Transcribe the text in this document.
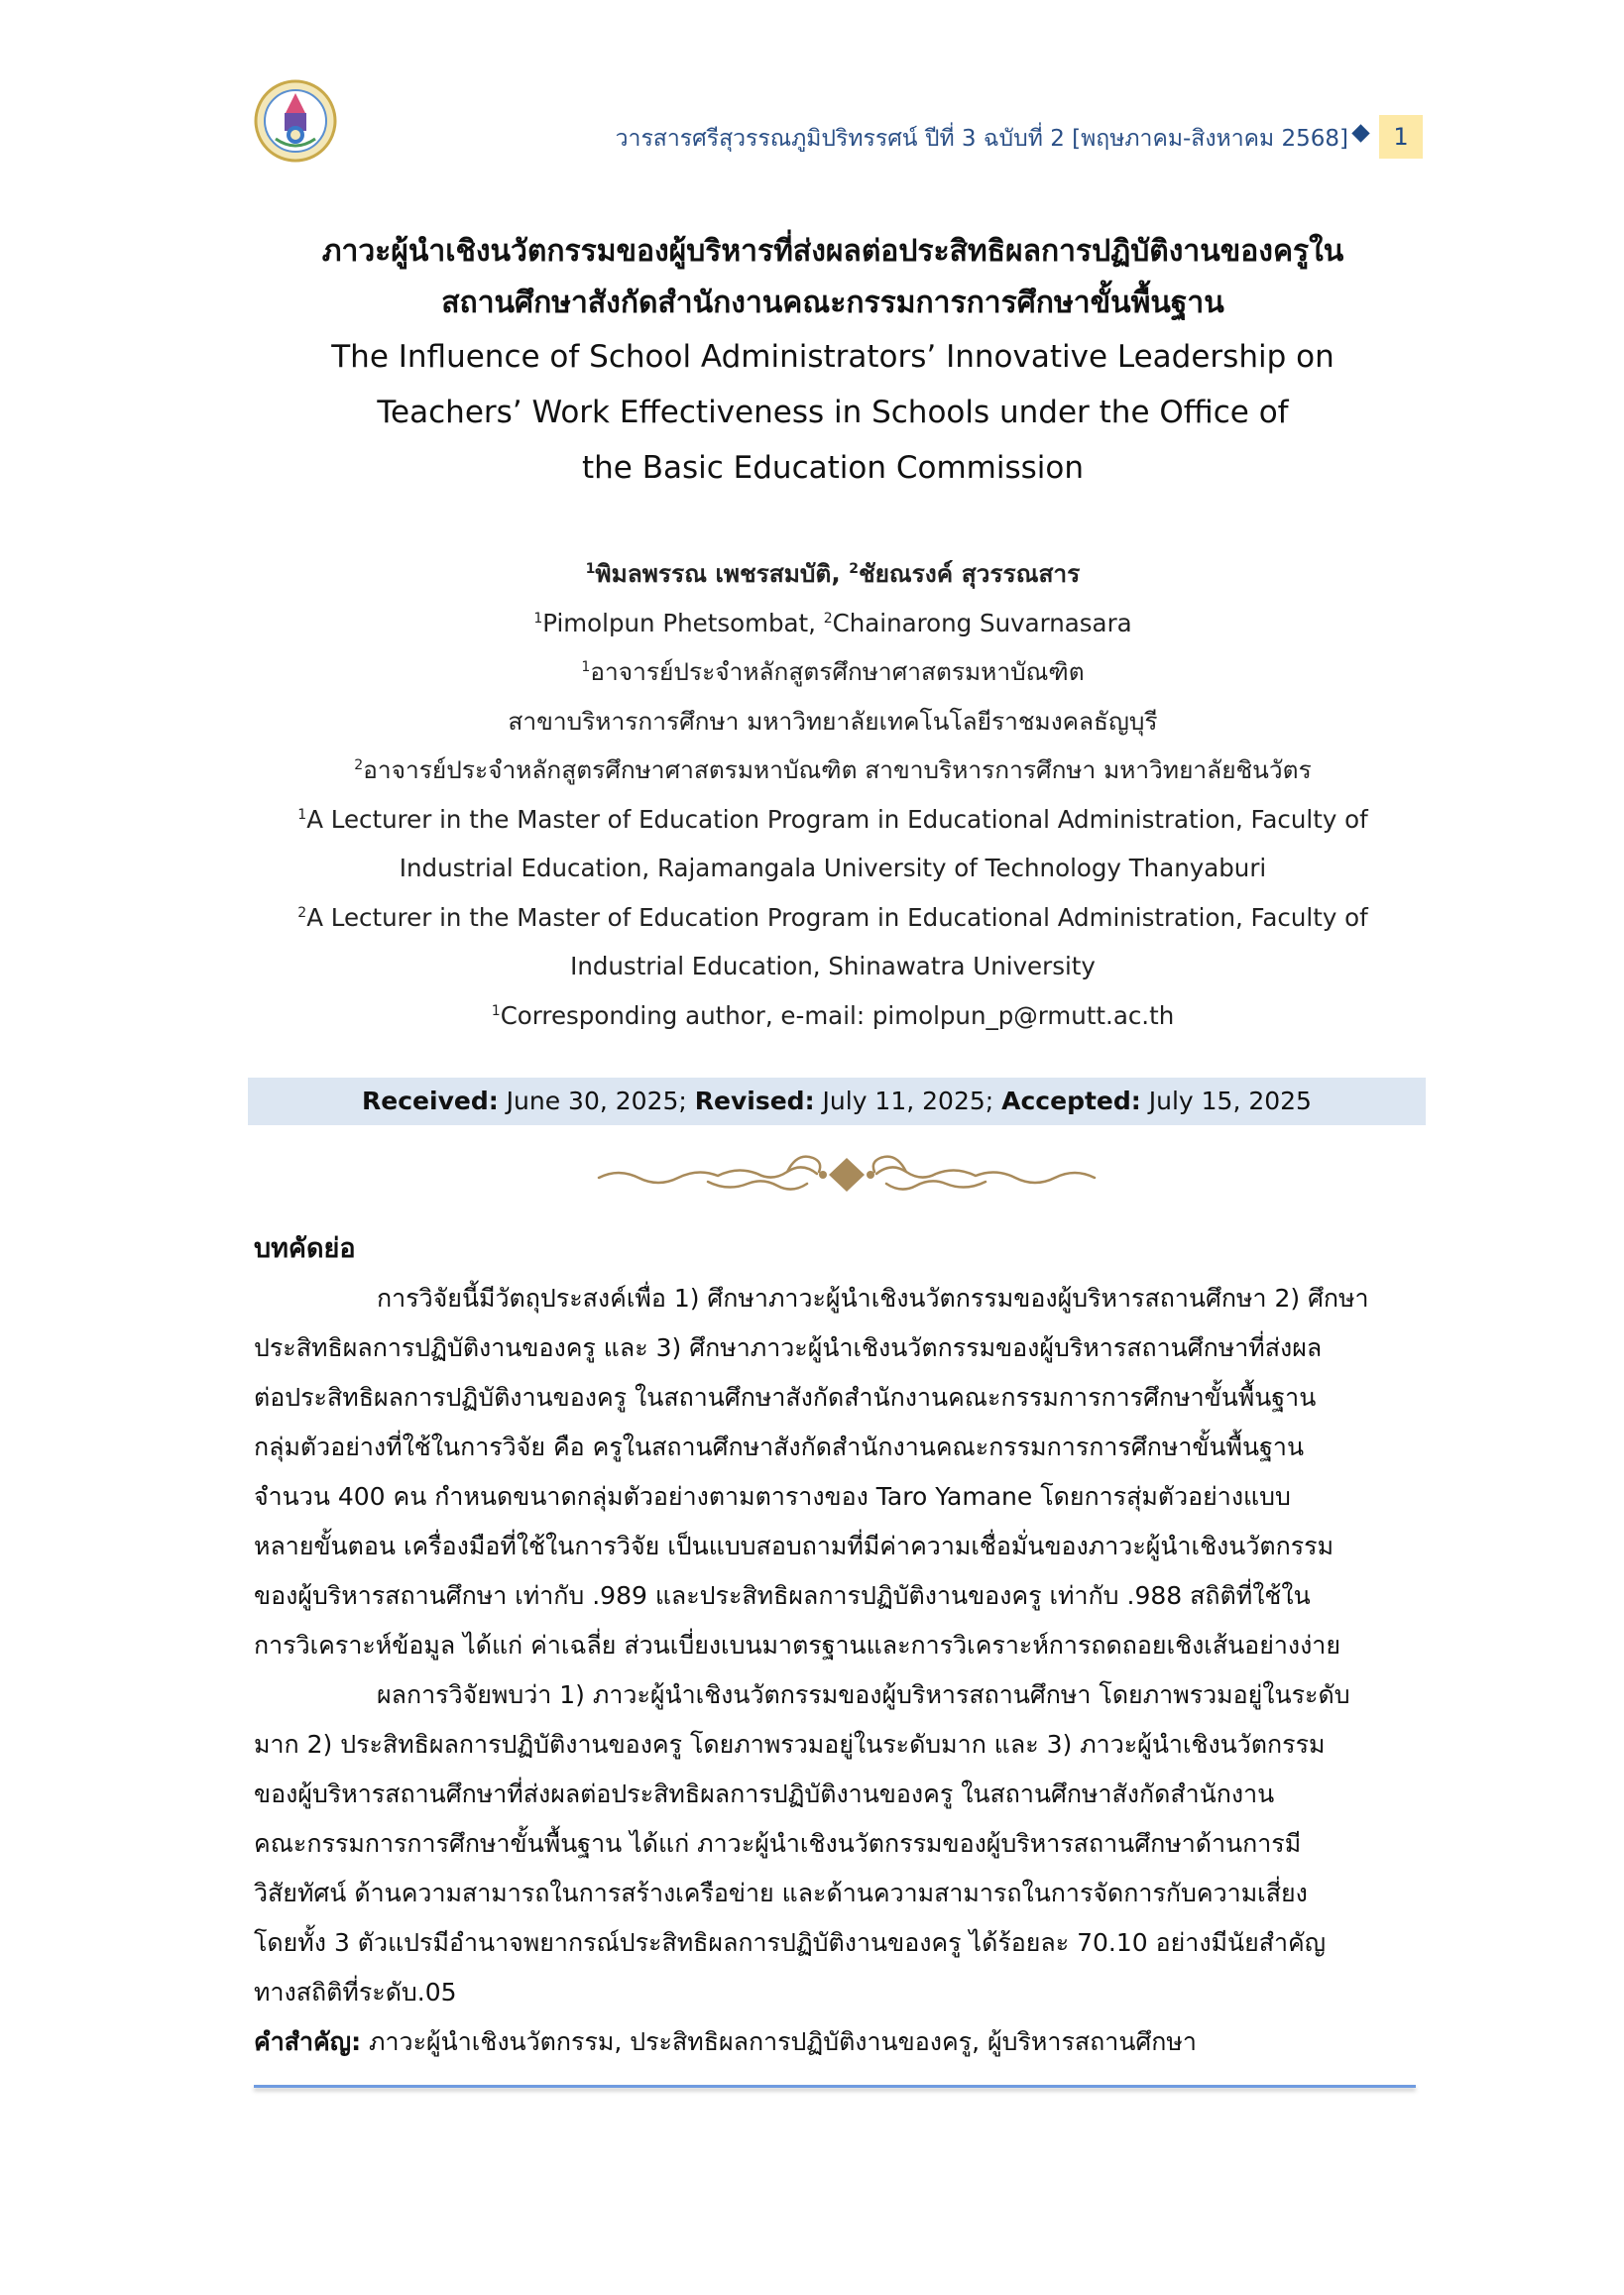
วารสารศรีสุวรรณภูมิปริทรรศน์ ปีที่ 3 ฉบับที่ 2 [พฤษภาคม-สิงหาคม 2568]	1

ภาวะผู้นำเชิงนวัตกรรมของผู้บริหารที่ส่งผลต่อประสิทธิผลการปฏิบัติงานของครูใน

สถานศึกษาสังกัดสำนักงานคณะกรรมการการศึกษาขั้นพื้นฐาน

The Influence of School Administrators’ Innovative Leadership on

Teachers’ Work Effectiveness in Schools under the Office of

the Basic Education Commission

$^1$พิมลพรรณ เพชรสมบัติ, $^2$ชัยณรงค์ สุวรรณสาร

$^1$Pimolpun Phetsombat, $^2$Chainarong Suvarnasara

$^1$อาจารย์ประจำหลักสูตรศึกษาศาสตรมหาบัณฑิต

สาขาบริหารการศึกษา มหาวิทยาลัยเทคโนโลยีราชมงคลธัญบุรี

$^2$อาจารย์ประจำหลักสูตรศึกษาศาสตรมหาบัณฑิต สาขาบริหารการศึกษา มหาวิทยาลัยชินวัตร

$^1$A Lecturer in the Master of Education Program in Educational Administration, Faculty of

Industrial Education, Rajamangala University of Technology Thanyaburi

$^2$A Lecturer in the Master of Education Program in Educational Administration, Faculty of

Industrial Education, Shinawatra University

$^1$Corresponding author, e-mail: pimolpun_p@rmutt.ac.th

Received: June 30, 2025; Revised: July 11, 2025; Accepted: July 15, 2025
บทคัดย่อ
การวิจัยนี้มีวัตถุประสงค์เพื่อ 1) ศึกษาภาวะผู้นำเชิงนวัตกรรมของผู้บริหารสถานศึกษา 2) ศึกษา
ประสิทธิผลการปฏิบัติงานของครู และ 3) ศึกษาภาวะผู้นำเชิงนวัตกรรมของผู้บริหารสถานศึกษาที่ส่งผล
ต่อประสิทธิผลการปฏิบัติงานของครู ในสถานศึกษาสังกัดสำนักงานคณะกรรมการการศึกษาขั้นพื้นฐาน
กลุ่มตัวอย่างที่ใช้ในการวิจัย คือ ครูในสถานศึกษาสังกัดสำนักงานคณะกรรมการการศึกษาขั้นพื้นฐาน
จำนวน 400 คน กำหนดขนาดกลุ่มตัวอย่างตามตารางของ Taro Yamane โดยการสุ่มตัวอย่างแบบ
หลายขั้นตอน เครื่องมือที่ใช้ในการวิจัย เป็นแบบสอบถามที่มีค่าความเชื่อมั่นของภาวะผู้นำเชิงนวัตกรรม
ของผู้บริหารสถานศึกษา เท่ากับ .989 และประสิทธิผลการปฏิบัติงานของครู เท่ากับ .988 สถิติที่ใช้ใน
การวิเคราะห์ข้อมูล ได้แก่ ค่าเฉลี่ย ส่วนเบี่ยงเบนมาตรฐานและการวิเคราะห์การถดถอยเชิงเส้นอย่างง่าย
ผลการวิจัยพบว่า 1) ภาวะผู้นำเชิงนวัตกรรมของผู้บริหารสถานศึกษา โดยภาพรวมอยู่ในระดับ
มาก 2) ประสิทธิผลการปฏิบัติงานของครู โดยภาพรวมอยู่ในระดับมาก และ 3) ภาวะผู้นำเชิงนวัตกรรม
ของผู้บริหารสถานศึกษาที่ส่งผลต่อประสิทธิผลการปฏิบัติงานของครู ในสถานศึกษาสังกัดสำนักงาน
คณะกรรมการการศึกษาขั้นพื้นฐาน ได้แก่ ภาวะผู้นำเชิงนวัตกรรมของผู้บริหารสถานศึกษาด้านการมี
วิสัยทัศน์ ด้านความสามารถในการสร้างเครือข่าย และด้านความสามารถในการจัดการกับความเสี่ยง
โดยทั้ง 3 ตัวแปรมีอำนาจพยากรณ์ประสิทธิผลการปฏิบัติงานของครู ได้ร้อยละ 70.10 อย่างมีนัยสำคัญ
ทางสถิติที่ระดับ.05
คำสำคัญ: ภาวะผู้นำเชิงนวัตกรรม, ประสิทธิผลการปฏิบัติงานของครู, ผู้บริหารสถานศึกษา
